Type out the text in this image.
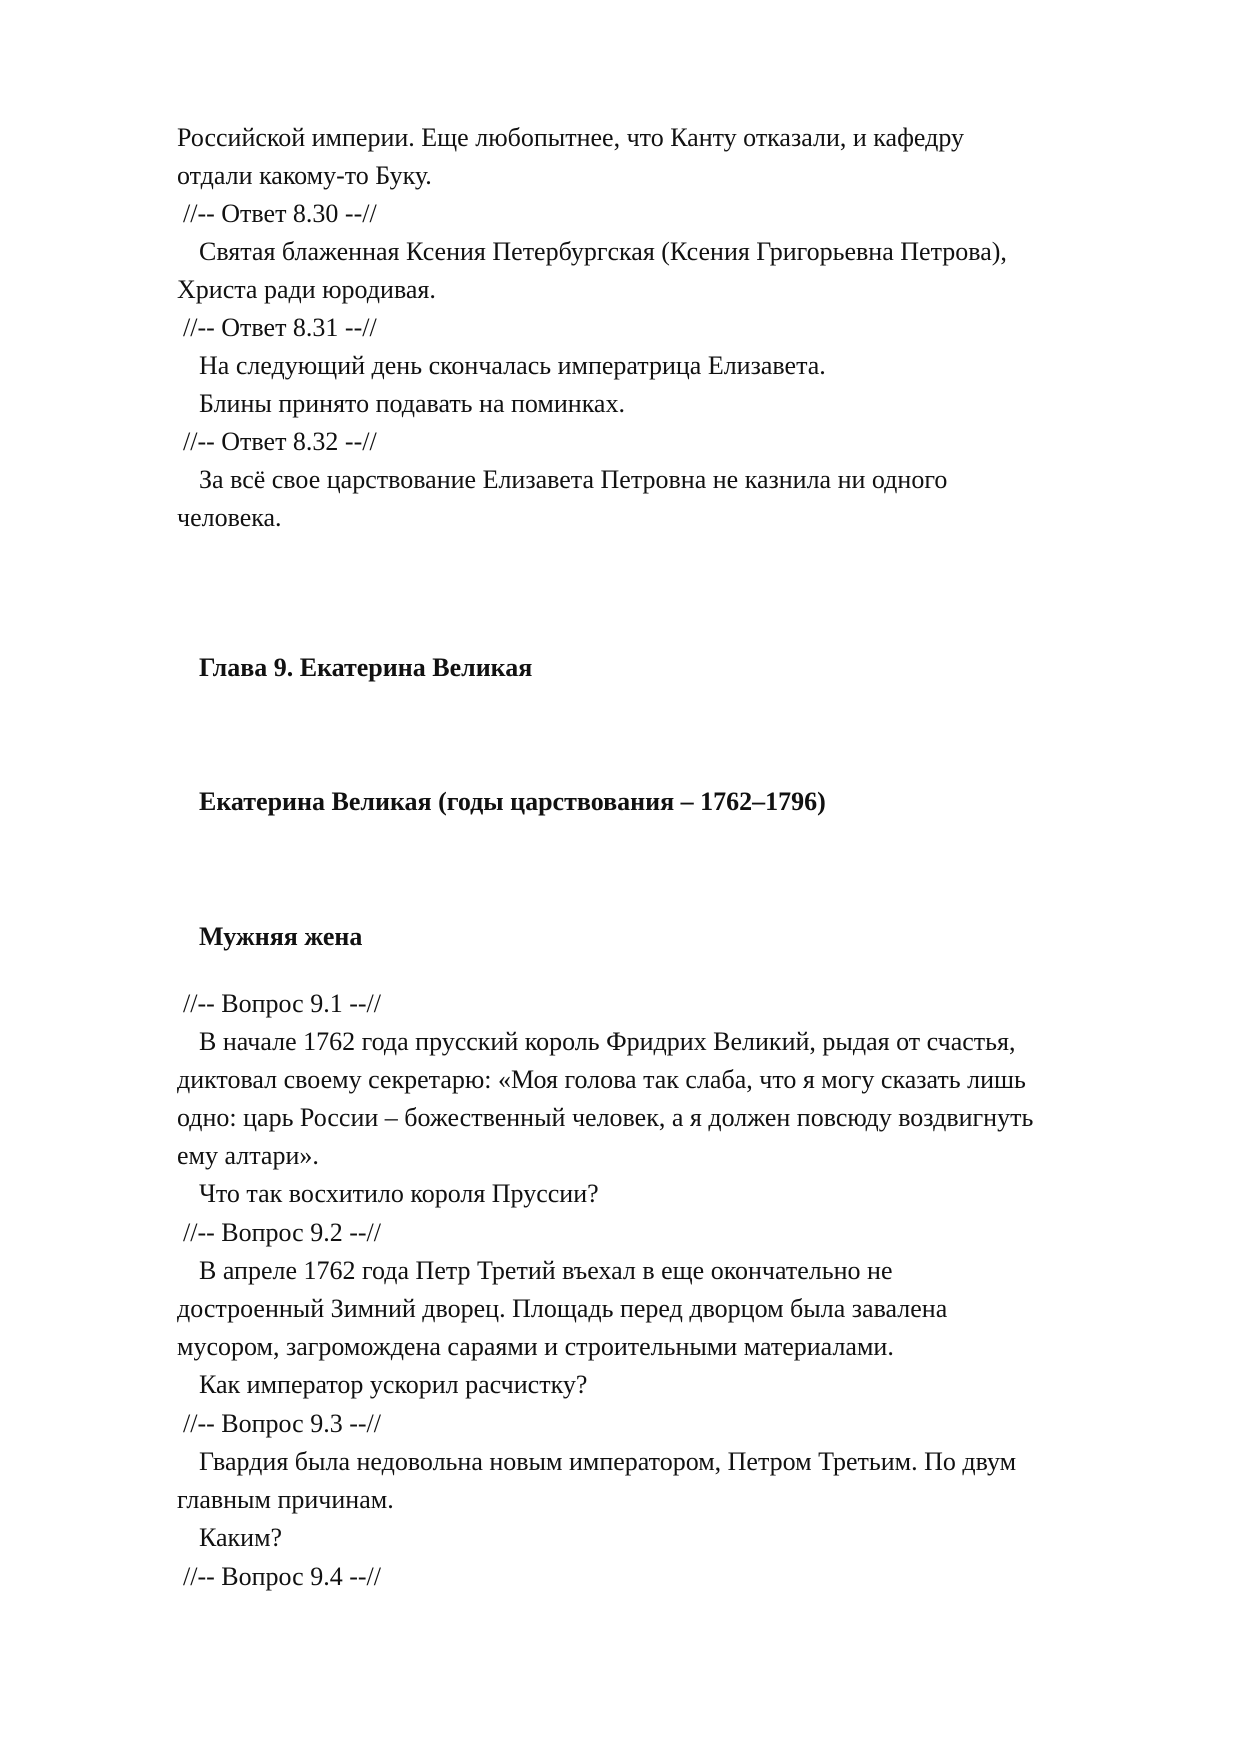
Российской империи. Еще любопытнее, что Канту отказали, и кафедру
отдали какому-то Буку.
//-- Ответ 8.30 --//
Святая блаженная Ксения Петербургская (Ксения Григорьевна Петрова),
Христа ради юродивая.
//-- Ответ 8.31 --//
На следующий день скончалась императрица Елизавета.
Блины принято подавать на поминках.
//-- Ответ 8.32 --//
За всё свое царствование Елизавета Петровна не казнила ни одного
человека.
Глава 9. Екатерина Великая
Екатерина Великая (годы царствования – 1762–1796)
Мужняя жена
//-- Вопрос 9.1 --//
В начале 1762 года прусский король Фридрих Великий, рыдая от счастья,
диктовал своему секретарю: «Моя голова так слаба, что я могу сказать лишь
одно: царь России – божественный человек, а я должен повсюду воздвигнуть
ему алтари».
Что так восхитило короля Пруссии?
//-- Вопрос 9.2 --//
В апреле 1762 года Петр Третий въехал в еще окончательно не
достроенный Зимний дворец. Площадь перед дворцом была завалена
мусором, загромождена сараями и строительными материалами.
Как император ускорил расчистку?
//-- Вопрос 9.3 --//
Гвардия была недовольна новым императором, Петром Третьим. По двум
главным причинам.
Каким?
//-- Вопрос 9.4 --//
